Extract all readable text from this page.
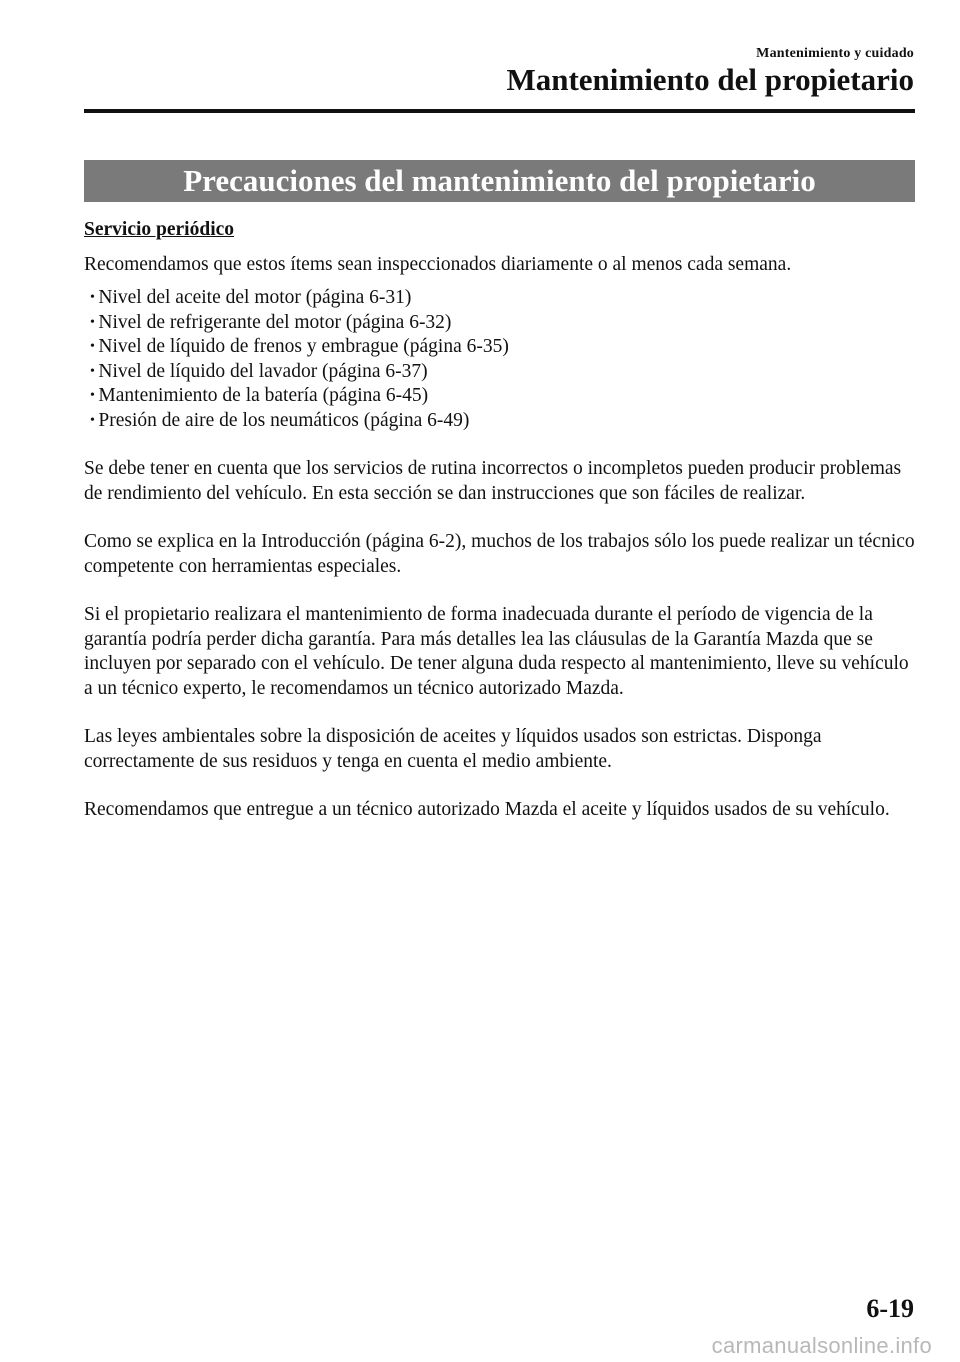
Mantenimiento y cuidado
Mantenimiento del propietario
Precauciones del mantenimiento del propietario
Servicio periódico

Recomendamos que estos ítems sean inspeccionados diariamente o al menos cada semana.

• Nivel del aceite del motor (página 6-31)
• Nivel de refrigerante del motor (página 6-32)
• Nivel de líquido de frenos y embrague (página 6-35)
• Nivel de líquido del lavador (página 6-37)
• Mantenimiento de la batería (página 6-45)
• Presión de aire de los neumáticos (página 6-49)

Se debe tener en cuenta que los servicios de rutina incorrectos o incompletos pueden producir problemas de rendimiento del vehículo. En esta sección se dan instrucciones que son fáciles de realizar.

Como se explica en la Introducción (página 6-2), muchos de los trabajos sólo los puede realizar un técnico competente con herramientas especiales.

Si el propietario realizara el mantenimiento de forma inadecuada durante el período de vigencia de la garantía podría perder dicha garantía. Para más detalles lea las cláusulas de la Garantía Mazda que se incluyen por separado con el vehículo. De tener alguna duda respecto al mantenimiento, lleve su vehículo a un técnico experto, le recomendamos un técnico autorizado Mazda.

Las leyes ambientales sobre la disposición de aceites y líquidos usados son estrictas. Disponga correctamente de sus residuos y tenga en cuenta el medio ambiente.

Recomendamos que entregue a un técnico autorizado Mazda el aceite y líquidos usados de su vehículo.

6-19
carmanualsonline.info
